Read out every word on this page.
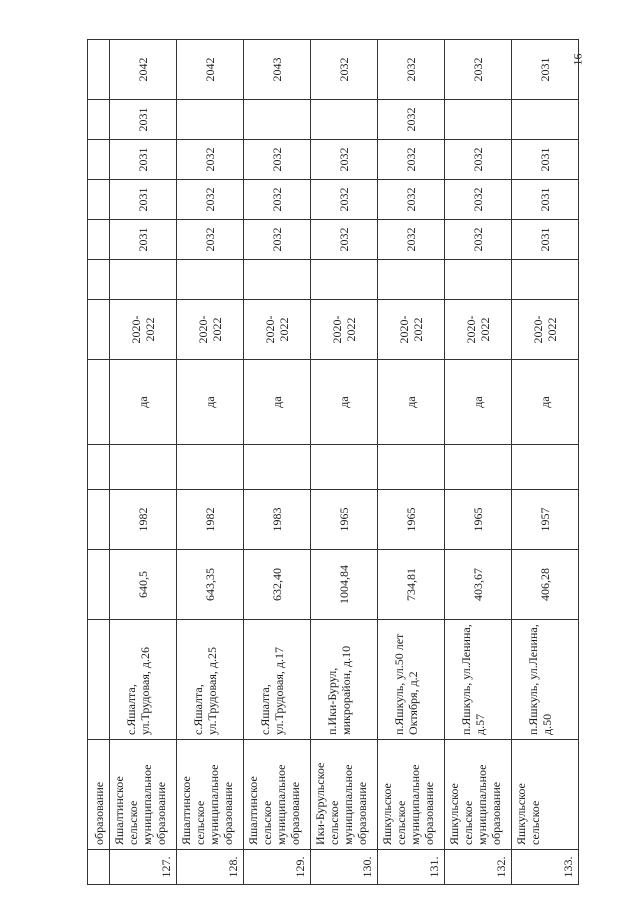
16
	образование												
127.	Яшалтинское сельское муниципальное образование	с.Яшалта, ул.Трудовая, д.26	640,5	1982		да	2020-2022		2031	2031	2031	2031	2042
128.	Яшалтинское сельское муниципальное образование	с.Яшалта, ул.Трудовая, д.25	643,35	1982		да	2020-2022		2032	2032	2032		2042
129.	Яшалтинское сельское муниципальное образование	с.Яшалта, ул.Трудовая, д.17	632,40	1983		да	2020-2022		2032	2032	2032		2043
130.	Ики-Бурульское сельское муниципальное образование	п.Ики-Бурул, микрорайон, д.10	1004,84	1965		да	2020-2022		2032	2032	2032		2032
131.	Яшкульское сельское муниципальное образование	п.Яшкуль, ул.50 лет Октября, д.2	734,81	1965		да	2020-2022		2032	2032	2032	2032	2032
132.	Яшкульское сельское муниципальное образование	п.Яшкуль, ул.Ленина, д.57	403,67	1965		да	2020-2022		2032	2032	2032		2032
133.	Яшкульское сельское	п.Яшкуль, ул.Ленина, д.50	406,28	1957		да	2020-2022		2031	2031	2031		2031
